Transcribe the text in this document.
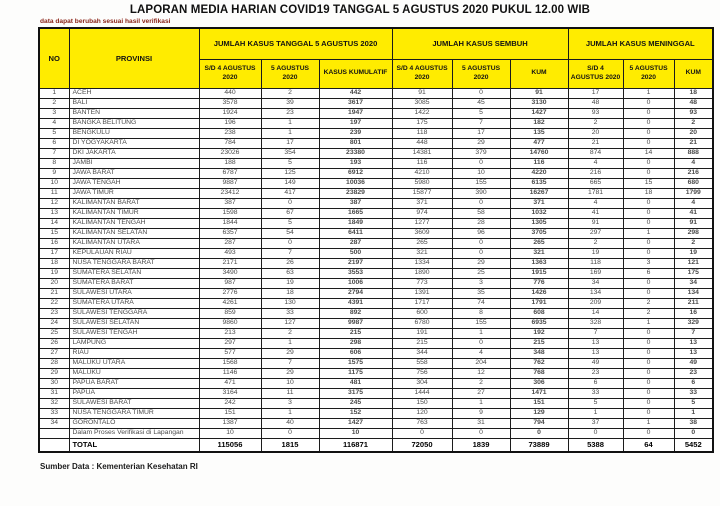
LAPORAN MEDIA HARIAN COVID19 TANGGAL 5 AGUSTUS 2020 PUKUL 12.00 WIB
data dapat berubah sesuai hasil verifikasi
NO	PROVINSI	JUMLAH KASUS TANGGAL 5 AGUSTUS 2020			JUMLAH KASUS SEMBUH			JUMLAH KASUS MENINGGAL		
		S/D 4 AGUSTUS 2020	5 AGUSTUS 2020	KASUS KUMULATIF	S/D 4 AGUSTUS 2020	5 AGUSTUS 2020	KUM	S/D 4 AGUSTUS 2020	5 AGUSTUS 2020	KUM
1	ACEH	440	2	442	91	0	91	17	1	18
2	BALI	3578	39	3617	3085	45	3130	48	0	48
3	BANTEN	1924	23	1947	1422	5	1427	93	0	93
4	BANGKA BELITUNG	196	1	197	175	7	182	2	0	2
5	BENGKULU	238	1	239	118	17	135	20	0	20
6	DI YOGYAKARTA	784	17	801	448	29	477	21	0	21
7	DKI JAKARTA	23026	354	23380	14381	379	14760	874	14	888
8	JAMBI	188	5	193	116	0	116	4	0	4
9	JAWA BARAT	6787	125	6912	4210	10	4220	216	0	216
10	JAWA TENGAH	9887	149	10036	5980	155	6135	665	15	680
11	JAWA TIMUR	23412	417	23829	15877	390	16267	1781	18	1799
12	KALIMANTAN BARAT	387	0	387	371	0	371	4	0	4
13	KALIMANTAN TIMUR	1598	67	1665	974	58	1032	41	0	41
14	KALIMANTAN TENGAH	1844	5	1849	1277	28	1305	91	0	91
15	KALIMANTAN SELATAN	6357	54	6411	3609	96	3705	297	1	298
16	KALIMANTAN UTARA	287	0	287	265	0	265	2	0	2
17	KEPULAUAN RIAU	493	7	500	321	0	321	19	0	19
18	NUSA TENGGARA BARAT	2171	26	2197	1334	29	1363	118	3	121
19	SUMATERA SELATAN	3490	63	3553	1890	25	1915	169	6	175
20	SUMATERA BARAT	987	19	1006	773	3	776	34	0	34
21	SULAWESI UTARA	2776	18	2794	1391	35	1426	134	0	134
22	SUMATERA UTARA	4261	130	4391	1717	74	1791	209	2	211
23	SULAWESI TENGGARA	859	33	892	600	8	608	14	2	16
24	SULAWESI SELATAN	9860	127	9987	6780	155	6935	328	1	329
25	SULAWESI TENGAH	213	2	215	191	1	192	7	0	7
26	LAMPUNG	297	1	298	215	0	215	13	0	13
27	RIAU	577	29	606	344	4	348	13	0	13
28	MALUKU UTARA	1568	7	1575	558	204	762	49	0	49
29	MALUKU	1146	29	1175	756	12	768	23	0	23
30	PAPUA BARAT	471	10	481	304	2	306	6	0	6
31	PAPUA	3164	11	3175	1444	27	1471	33	0	33
32	SULAWESI BARAT	242	3	245	150	1	151	5	0	5
33	NUSA TENGGARA TIMUR	151	1	152	120	9	129	1	0	1
34	GORONTALO	1387	40	1427	763	31	794	37	1	38
	Dalam Proses Verifikasi di Lapangan	10	0	10	0	0	0	0	0	0
	TOTAL	115056	1815	116871	72050	1839	73889	5388	64	5452
Sumber Data : Kementerian Kesehatan RI
